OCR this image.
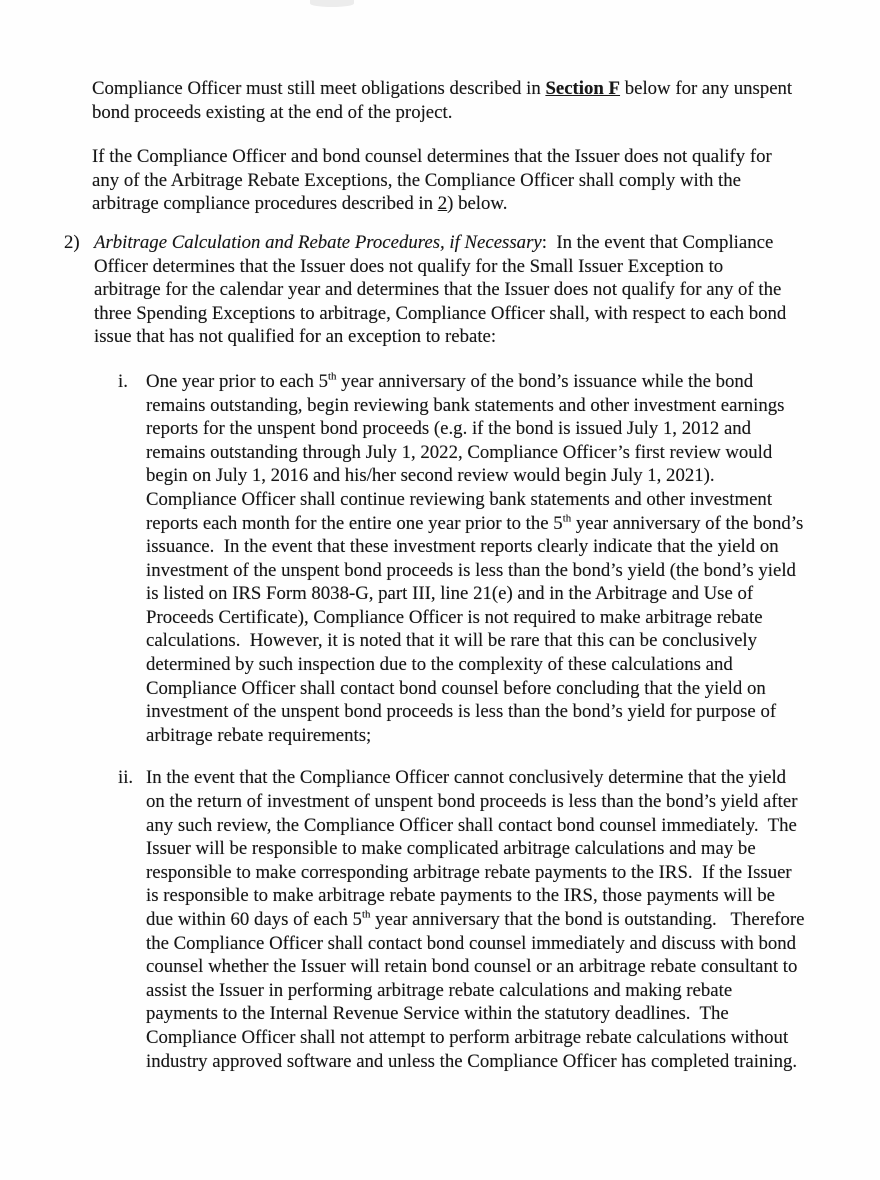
Compliance Officer must still meet obligations described in Section F below for any unspent bond proceeds existing at the end of the project.

If the Compliance Officer and bond counsel determines that the Issuer does not qualify for any of the Arbitrage Rebate Exceptions, the Compliance Officer shall comply with the arbitrage compliance procedures described in 2) below.

2) Arbitrage Calculation and Rebate Procedures, if Necessary:  In the event that Compliance Officer determines that the Issuer does not qualify for the Small Issuer Exception to arbitrage for the calendar year and determines that the Issuer does not qualify for any of the three Spending Exceptions to arbitrage, Compliance Officer shall, with respect to each bond issue that has not qualified for an exception to rebate:
i. One year prior to each 5th year anniversary of the bond’s issuance while the bond remains outstanding, begin reviewing bank statements and other investment earnings reports for the unspent bond proceeds (e.g. if the bond is issued July 1, 2012 and remains outstanding through July 1, 2022, Compliance Officer’s first review would begin on July 1, 2016 and his/her second review would begin July 1, 2021).  Compliance Officer shall continue reviewing bank statements and other investment reports each month for the entire one year prior to the 5th year anniversary of the bond’s issuance.  In the event that these investment reports clearly indicate that the yield on investment of the unspent bond proceeds is less than the bond’s yield (the bond’s yield is listed on IRS Form 8038-G, part III, line 21(e) and in the Arbitrage and Use of Proceeds Certificate), Compliance Officer is not required to make arbitrage rebate calculations.  However, it is noted that it will be rare that this can be conclusively determined by such inspection due to the complexity of these calculations and Compliance Officer shall contact bond counsel before concluding that the yield on investment of the unspent bond proceeds is less than the bond’s yield for purpose of arbitrage rebate requirements;
ii. In the event that the Compliance Officer cannot conclusively determine that the yield on the return of investment of unspent bond proceeds is less than the bond’s yield after any such review, the Compliance Officer shall contact bond counsel immediately.  The Issuer will be responsible to make complicated arbitrage calculations and may be responsible to make corresponding arbitrage rebate payments to the IRS.  If the Issuer is responsible to make arbitrage rebate payments to the IRS, those payments will be due within 60 days of each 5th year anniversary that the bond is outstanding.   Therefore the Compliance Officer shall contact bond counsel immediately and discuss with bond counsel whether the Issuer will retain bond counsel or an arbitrage rebate consultant to assist the Issuer in performing arbitrage rebate calculations and making rebate payments to the Internal Revenue Service within the statutory deadlines.  The Compliance Officer shall not attempt to perform arbitrage rebate calculations without industry approved software and unless the Compliance Officer has completed training.
